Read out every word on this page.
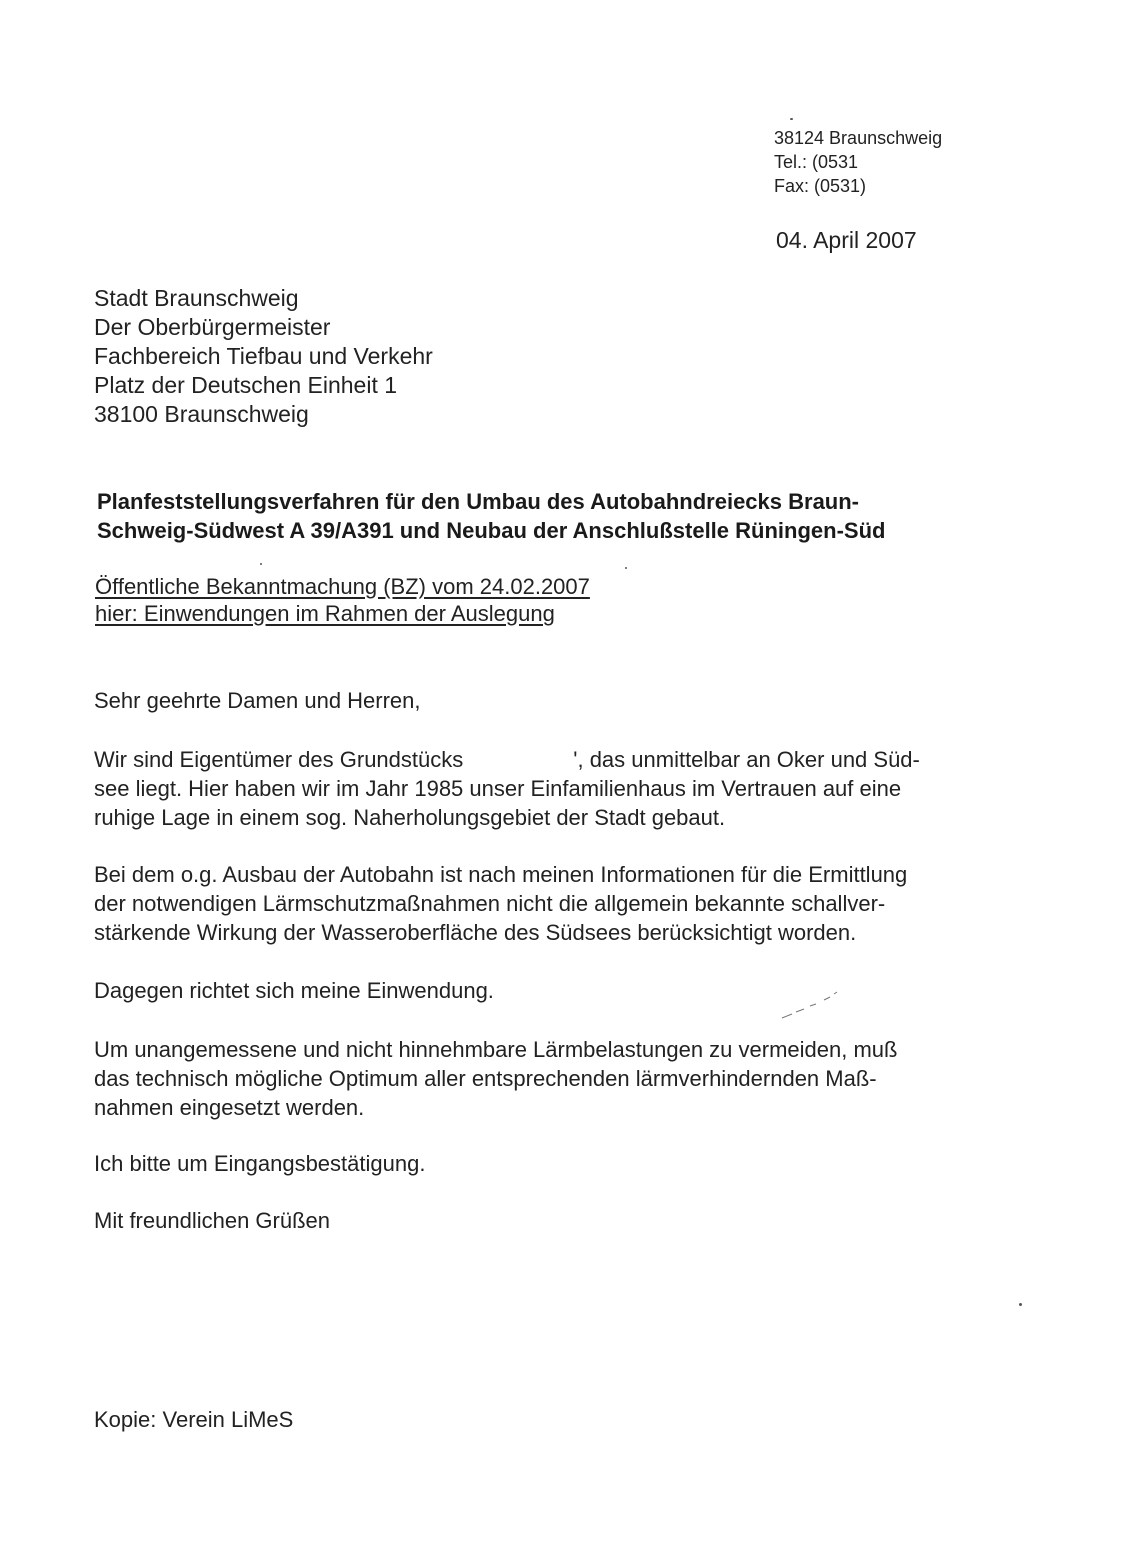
38124 Braunschweig
Tel.: (0531
Fax: (0531)
04. April 2007
Stadt Braunschweig
Der Oberbürgermeister
Fachbereich Tiefbau und Verkehr
Platz der Deutschen Einheit 1
38100 Braunschweig
Planfeststellungsverfahren für den Umbau des Autobahndreiecks Braun-
Schweig-Südwest A 39/A391 und Neubau der Anschlußstelle Rüningen-Süd
Öffentliche Bekanntmachung (BZ) vom 24.02.2007
hier: Einwendungen im Rahmen der Auslegung
Sehr geehrte Damen und Herren,
Wir sind Eigentümer des Grundstücks	', das unmittelbar an Oker und Süd-
see liegt. Hier haben wir im Jahr 1985 unser Einfamilienhaus im Vertrauen auf eine
ruhige Lage in einem sog. Naherholungsgebiet der Stadt gebaut.
Bei dem o.g. Ausbau der Autobahn ist nach meinen Informationen für die Ermittlung
der notwendigen Lärmschutzmaßnahmen nicht die allgemein bekannte schallver-
stärkende Wirkung der Wasseroberfläche des Südsees berücksichtigt worden.
Dagegen richtet sich meine Einwendung.
Um unangemessene und nicht hinnehmbare Lärmbelastungen zu vermeiden, muß
das technisch mögliche Optimum aller entsprechenden lärmverhindernden Maß-
nahmen eingesetzt werden.
Ich bitte um Eingangsbestätigung.
Mit freundlichen Grüßen
Kopie: Verein LiMeS
